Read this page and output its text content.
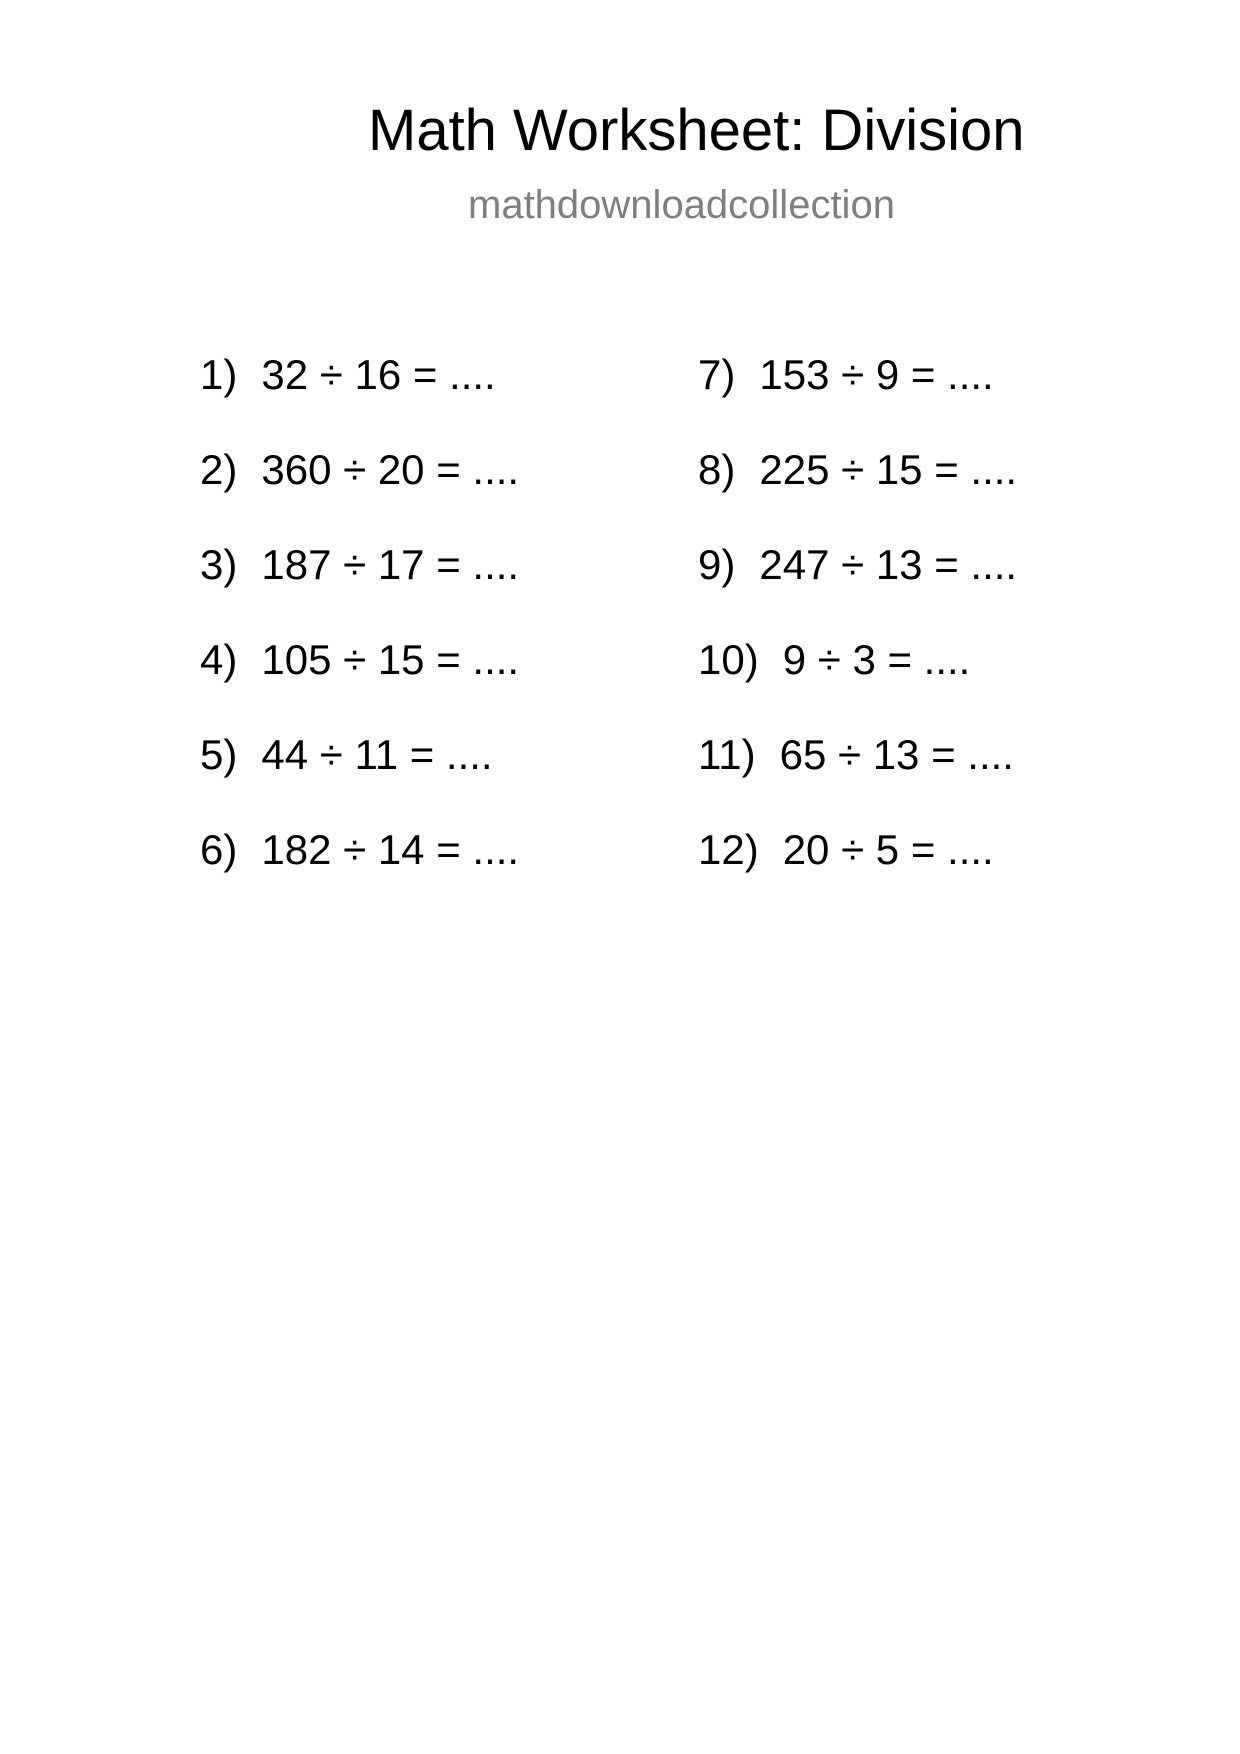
Math Worksheet: Division
mathdownloadcollection
1) 32 ÷ 16 = ....
2) 360 ÷ 20 = ....
3) 187 ÷ 17 = ....
4) 105 ÷ 15 = ....
5) 44 ÷ 11 = ....
6) 182 ÷ 14 = ....
7) 153 ÷ 9 = ....
8) 225 ÷ 15 = ....
9) 247 ÷ 13 = ....
10) 9 ÷ 3 = ....
11) 65 ÷ 13 = ....
12) 20 ÷ 5 = ....
